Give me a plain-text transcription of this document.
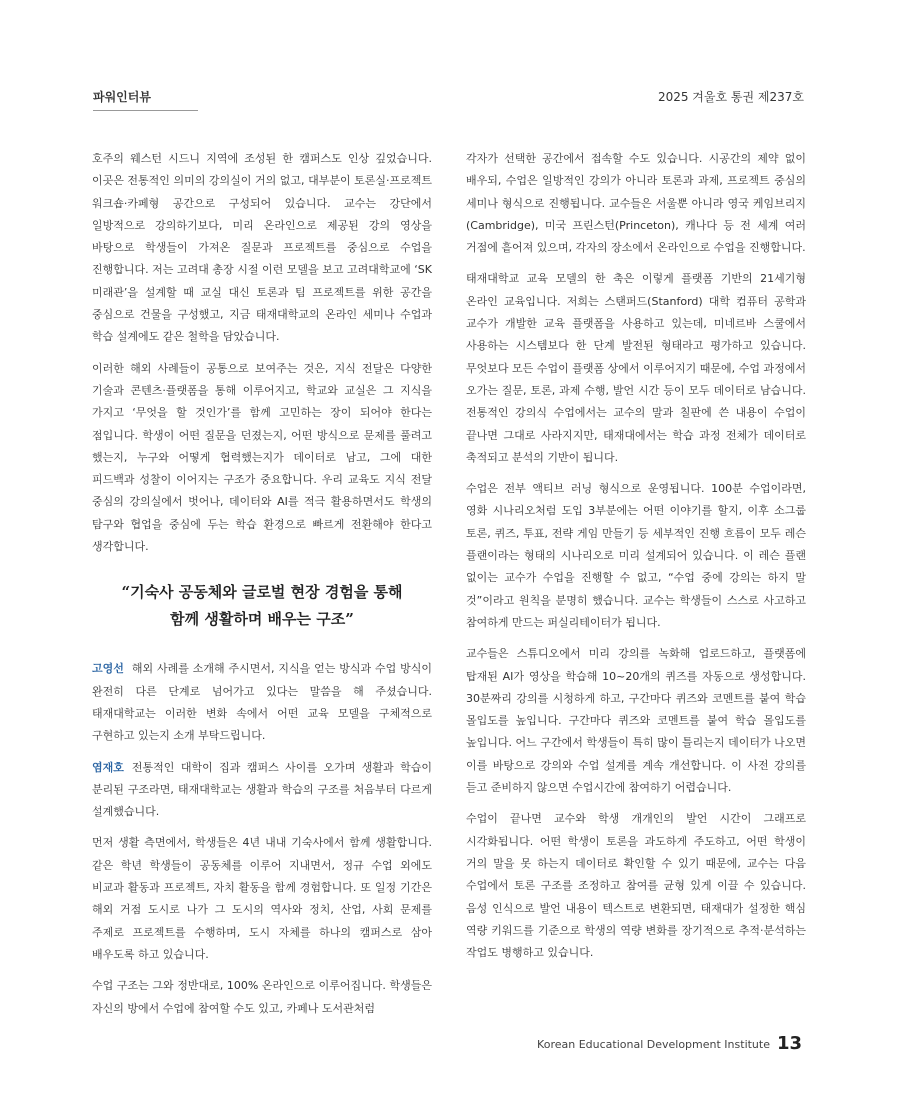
파워인터뷰	2025 겨울호 통권 제237호

호주의 웨스턴 시드니 지역에 조성된 한 캠퍼스도 인상 깊었습니다. 이곳은 전통적인 의미의 강의실이 거의 없고, 대부분이 토론실·프로젝트 워크숍·카페형 공간으로 구성되어 있습니다. 교수는 강단에서 일방적으로 강의하기보다, 미리 온라인으로 제공된 강의 영상을 바탕으로 학생들이 가져온 질문과 프로젝트를 중심으로 수업을 진행합니다. 저는 고려대 총장 시절 이런 모델을 보고 고려대학교에 ‘SK 미래관’을 설계할 때 교실 대신 토론과 팀 프로젝트를 위한 공간을 중심으로 건물을 구성했고, 지금 태재대학교의 온라인 세미나 수업과 학습 설계에도 같은 철학을 담았습니다.

이러한 해외 사례들이 공통으로 보여주는 것은, 지식 전달은 다양한 기술과 콘텐츠·플랫폼을 통해 이루어지고, 학교와 교실은 그 지식을 가지고 ‘무엇을 할 것인가’를 함께 고민하는 장이 되어야 한다는 점입니다. 학생이 어떤 질문을 던졌는지, 어떤 방식으로 문제를 풀려고 했는지, 누구와 어떻게 협력했는지가 데이터로 남고, 그에 대한 피드백과 성찰이 이어지는 구조가 중요합니다. 우리 교육도 지식 전달 중심의 강의실에서 벗어나, 데이터와 AI를 적극 활용하면서도 학생의 탐구와 협업을 중심에 두는 학습 환경으로 빠르게 전환해야 한다고 생각합니다.

“기숙사 공동체와 글로벌 현장 경험을 통해
함께 생활하며 배우는 구조”

고영선 해외 사례를 소개해 주시면서, 지식을 얻는 방식과 수업 방식이 완전히 다른 단계로 넘어가고 있다는 말씀을 해 주셨습니다. 태재대학교는 이러한 변화 속에서 어떤 교육 모델을 구체적으로 구현하고 있는지 소개 부탁드립니다.

염재호 전통적인 대학이 집과 캠퍼스 사이를 오가며 생활과 학습이 분리된 구조라면, 태재대학교는 생활과 학습의 구조를 처음부터 다르게 설계했습니다.

먼저 생활 측면에서, 학생들은 4년 내내 기숙사에서 함께 생활합니다. 같은 학년 학생들이 공동체를 이루어 지내면서, 정규 수업 외에도 비교과 활동과 프로젝트, 자치 활동을 함께 경험합니다. 또 일정 기간은 해외 거점 도시로 나가 그 도시의 역사와 정치, 산업, 사회 문제를 주제로 프로젝트를 수행하며, 도시 자체를 하나의 캠퍼스로 삼아 배우도록 하고 있습니다.

수업 구조는 그와 정반대로, 100% 온라인으로 이루어집니다. 학생들은 자신의 방에서 수업에 참여할 수도 있고, 카페나 도서관처럼

각자가 선택한 공간에서 접속할 수도 있습니다. 시공간의 제약 없이 배우되, 수업은 일방적인 강의가 아니라 토론과 과제, 프로젝트 중심의 세미나 형식으로 진행됩니다. 교수들은 서울뿐 아니라 영국 케임브리지(Cambridge), 미국 프린스턴(Princeton), 캐나다 등 전 세계 여러 거점에 흩어져 있으며, 각자의 장소에서 온라인으로 수업을 진행합니다.

태재대학교 교육 모델의 한 축은 이렇게 플랫폼 기반의 21세기형 온라인 교육입니다. 저희는 스탠퍼드(Stanford) 대학 컴퓨터 공학과 교수가 개발한 교육 플랫폼을 사용하고 있는데, 미네르바 스쿨에서 사용하는 시스템보다 한 단계 발전된 형태라고 평가하고 있습니다. 무엇보다 모든 수업이 플랫폼 상에서 이루어지기 때문에, 수업 과정에서 오가는 질문, 토론, 과제 수행, 발언 시간 등이 모두 데이터로 남습니다. 전통적인 강의식 수업에서는 교수의 말과 칠판에 쓴 내용이 수업이 끝나면 그대로 사라지지만, 태재대에서는 학습 과정 전체가 데이터로 축적되고 분석의 기반이 됩니다.

수업은 전부 액티브 러닝 형식으로 운영됩니다. 100분 수업이라면, 영화 시나리오처럼 도입 3부분에는 어떤 이야기를 할지, 이후 소그룹 토론, 퀴즈, 투표, 전략 게임 만들기 등 세부적인 진행 흐름이 모두 레슨 플랜이라는 형태의 시나리오로 미리 설계되어 있습니다. 이 레슨 플랜 없이는 교수가 수업을 진행할 수 없고, “수업 중에 강의는 하지 말 것”이라고 원칙을 분명히 했습니다. 교수는 학생들이 스스로 사고하고 참여하게 만드는 퍼실리테이터가 됩니다.

교수들은 스튜디오에서 미리 강의를 녹화해 업로드하고, 플랫폼에 탑재된 AI가 영상을 학습해 10~20개의 퀴즈를 자동으로 생성합니다. 30분짜리 강의를 시청하게 하고, 구간마다 퀴즈와 코멘트를 붙여 학습 몰입도를 높입니다. 구간마다 퀴즈와 코멘트를 붙여 학습 몰입도를 높입니다. 어느 구간에서 학생들이 특히 많이 틀리는지 데이터가 나오면 이를 바탕으로 강의와 수업 설계를 계속 개선합니다. 이 사전 강의를 듣고 준비하지 않으면 수업시간에 참여하기 어렵습니다.

수업이 끝나면 교수와 학생 개개인의 발언 시간이 그래프로 시각화됩니다. 어떤 학생이 토론을 과도하게 주도하고, 어떤 학생이 거의 말을 못 하는지 데이터로 확인할 수 있기 때문에, 교수는 다음 수업에서 토론 구조를 조정하고 참여를 균형 있게 이끌 수 있습니다. 음성 인식으로 발언 내용이 텍스트로 변환되면, 태재대가 설정한 핵심 역량 키워드를 기준으로 학생의 역량 변화를 장기적으로 추적·분석하는 작업도 병행하고 있습니다.

Korean Educational Development Institute 13
